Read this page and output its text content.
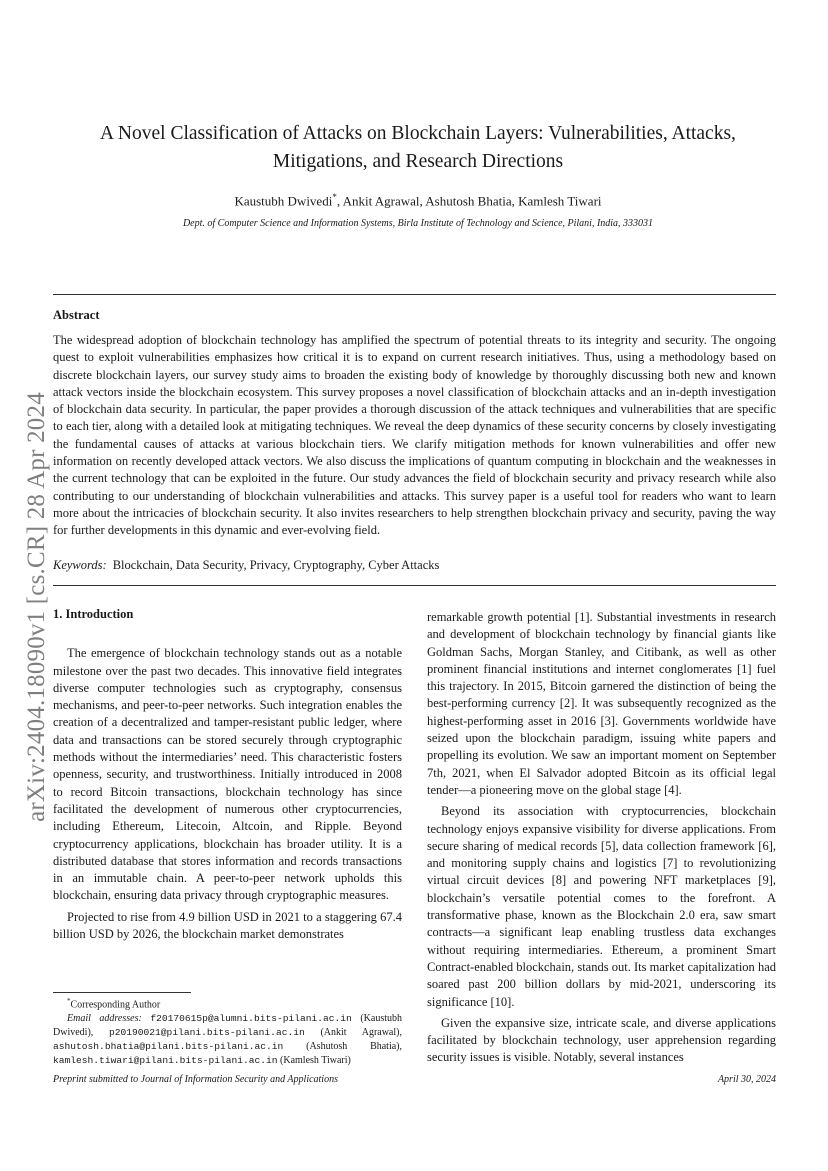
arXiv:2404.18090v1 [cs.CR] 28 Apr 2024
A Novel Classification of Attacks on Blockchain Layers: Vulnerabilities, Attacks,
Mitigations, and Research Directions
Kaustubh Dwivedi*, Ankit Agrawal, Ashutosh Bhatia, Kamlesh Tiwari
Dept. of Computer Science and Information Systems, Birla Institute of Technology and Science, Pilani, India, 333031
Abstract
The widespread adoption of blockchain technology has amplified the spectrum of potential threats to its integrity and security. The ongoing quest to exploit vulnerabilities emphasizes how critical it is to expand on current research initiatives. Thus, using a methodology based on discrete blockchain layers, our survey study aims to broaden the existing body of knowledge by thoroughly discussing both new and known attack vectors inside the blockchain ecosystem. This survey proposes a novel classification of blockchain attacks and an in-depth investigation of blockchain data security. In particular, the paper provides a thorough discussion of the attack techniques and vulnerabilities that are specific to each tier, along with a detailed look at mitigating techniques. We reveal the deep dynamics of these security concerns by closely investigating the fundamental causes of attacks at various blockchain tiers. We clarify mitigation methods for known vulnerabilities and offer new information on recently developed attack vectors. We also discuss the implications of quantum computing in blockchain and the weaknesses in the current technology that can be exploited in the future. Our study advances the field of blockchain security and privacy research while also contributing to our understanding of blockchain vulnerabilities and attacks. This survey paper is a useful tool for readers who want to learn more about the intricacies of blockchain security. It also invites researchers to help strengthen blockchain privacy and security, paving the way for further developments in this dynamic and ever-evolving field.
Keywords: Blockchain, Data Security, Privacy, Cryptography, Cyber Attacks
1. Introduction

The emergence of blockchain technology stands out as a notable milestone over the past two decades. This innovative field integrates diverse computer technologies such as cryptography, consensus mechanisms, and peer-to-peer networks. Such integration enables the creation of a decentralized and tamper-resistant public ledger, where data and transactions can be stored securely through cryptographic methods without the intermediaries’ need. This characteristic fosters openness, security, and trustworthiness. Initially introduced in 2008 to record Bitcoin transactions, blockchain technology has since facilitated the development of numerous other cryptocurrencies, including Ethereum, Litecoin, Altcoin, and Ripple. Beyond cryptocurrency applications, blockchain has broader utility. It is a distributed database that stores information and records transactions in an immutable chain. A peer-to-peer network upholds this blockchain, ensuring data privacy through cryptographic measures.

Projected to rise from 4.9 billion USD in 2021 to a staggering 67.4 billion USD by 2026, the blockchain market demonstrates

remarkable growth potential [1]. Substantial investments in research and development of blockchain technology by financial giants like Goldman Sachs, Morgan Stanley, and Citibank, as well as other prominent financial institutions and internet conglomerates [1] fuel this trajectory. In 2015, Bitcoin garnered the distinction of being the best-performing currency [2]. It was subsequently recognized as the highest-performing asset in 2016 [3]. Governments worldwide have seized upon the blockchain paradigm, issuing white papers and propelling its evolution. We saw an important moment on September 7th, 2021, when El Salvador adopted Bitcoin as its official legal tender—a pioneering move on the global stage [4].

Beyond its association with cryptocurrencies, blockchain technology enjoys expansive visibility for diverse applications. From secure sharing of medical records [5], data collection framework [6], and monitoring supply chains and logistics [7] to revolutionizing virtual circuit devices [8] and powering NFT marketplaces [9], blockchain’s versatile potential comes to the forefront. A transformative phase, known as the Blockchain 2.0 era, saw smart contracts—a significant leap enabling trustless data exchanges without requiring intermediaries. Ethereum, a prominent Smart Contract-enabled blockchain, stands out. Its market capitalization had soared past 200 billion dollars by mid-2021, underscoring its significance [10].

Given the expansive size, intricate scale, and diverse applications facilitated by blockchain technology, user apprehension regarding security issues is visible. Notably, several instances

*Corresponding Author
Email addresses: f20170615p@alumni.bits-pilani.ac.in (Kaustubh Dwivedi), p20190021@pilani.bits-pilani.ac.in (Ankit Agrawal), ashutosh.bhatia@pilani.bits-pilani.ac.in (Ashutosh Bhatia), kamlesh.tiwari@pilani.bits-pilani.ac.in (Kamlesh Tiwari)
Preprint submitted to Journal of Information Security and Applications	April 30, 2024
